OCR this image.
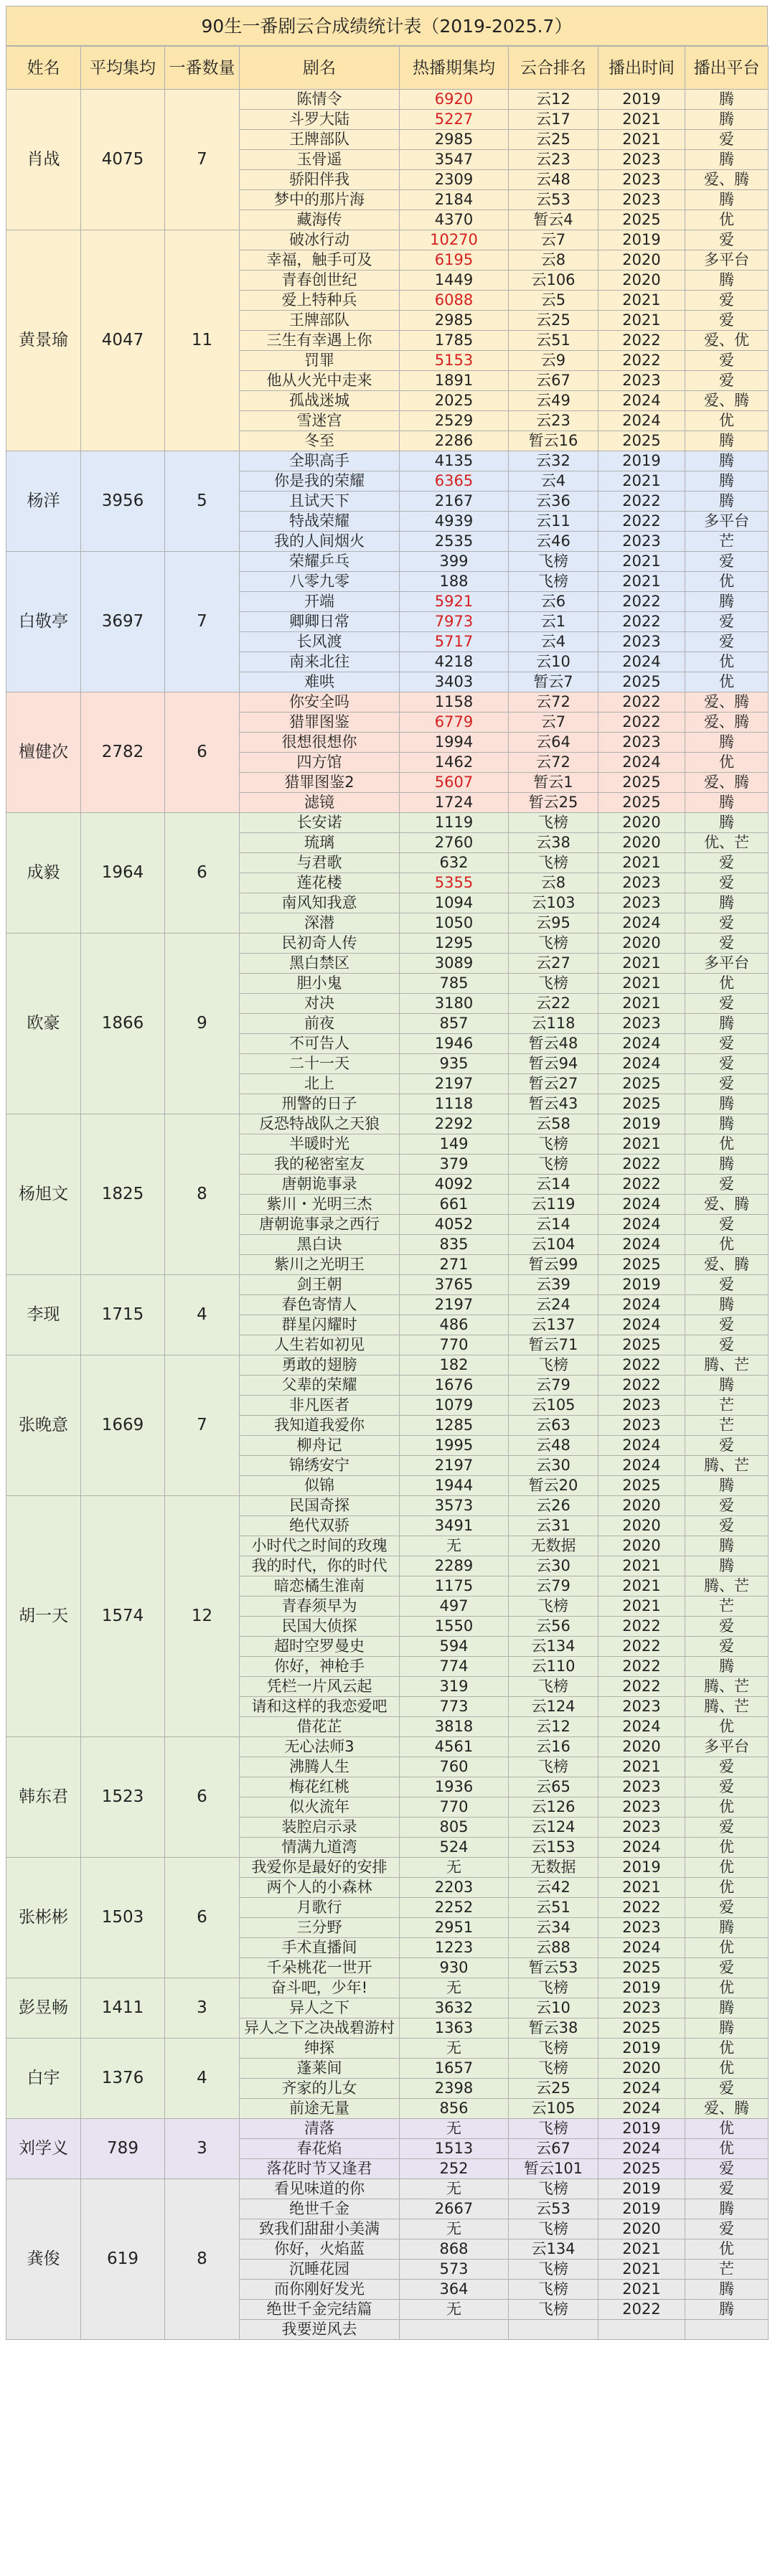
90生一番剧云合成绩统计表（2019-2025.7）
姓名	平均集均	一番数量	剧名	热播期集均	云合排名	播出时间	播出平台
肖战	4075	7	陈情令	6920	云12	2019	腾
			斗罗大陆	5227	云17	2021	腾
			王牌部队	2985	云25	2021	爱
			玉骨遥	3547	云23	2023	腾
			骄阳伴我	2309	云48	2023	爱、腾
			梦中的那片海	2184	云53	2023	腾
			藏海传	4370	暂云4	2025	优
黄景瑜	4047	11	破冰行动	10270	云7	2019	爱
			幸福，触手可及	6195	云8	2020	多平台
			青春创世纪	1449	云106	2020	腾
			爱上特种兵	6088	云5	2021	爱
			王牌部队	2985	云25	2021	爱
			三生有幸遇上你	1785	云51	2022	爱、优
			罚罪	5153	云9	2022	爱
			他从火光中走来	1891	云67	2023	爱
			孤战迷城	2025	云49	2024	爱、腾
			雪迷宫	2529	云23	2024	优
			冬至	2286	暂云16	2025	腾
杨洋	3956	5	全职高手	4135	云32	2019	腾
			你是我的荣耀	6365	云4	2021	腾
			且试天下	2167	云36	2022	腾
			特战荣耀	4939	云11	2022	多平台
			我的人间烟火	2535	云46	2023	芒
白敬亭	3697	7	荣耀乒乓	399	飞榜	2021	爱
			八零九零	188	飞榜	2021	优
			开端	5921	云6	2022	腾
			卿卿日常	7973	云1	2022	爱
			长风渡	5717	云4	2023	爱
			南来北往	4218	云10	2024	优
			难哄	3403	暂云7	2025	优
檀健次	2782	6	你安全吗	1158	云72	2022	爱、腾
			猎罪图鉴	6779	云7	2022	爱、腾
			很想很想你	1994	云64	2023	腾
			四方馆	1462	云72	2024	优
			猎罪图鉴2	5607	暂云1	2025	爱、腾
			滤镜	1724	暂云25	2025	腾
成毅	1964	6	长安诺	1119	飞榜	2020	腾
			琉璃	2760	云38	2020	优、芒
			与君歌	632	飞榜	2021	爱
			莲花楼	5355	云8	2023	爱
			南风知我意	1094	云103	2023	腾
			深潜	1050	云95	2024	爱
欧豪	1866	9	民初奇人传	1295	飞榜	2020	爱
			黑白禁区	3089	云27	2021	多平台
			胆小鬼	785	飞榜	2021	优
			对决	3180	云22	2021	爱
			前夜	857	云118	2023	腾
			不可告人	1946	暂云48	2024	爱
			二十一天	935	暂云94	2024	爱
			北上	2197	暂云27	2025	爱
			刑警的日子	1118	暂云43	2025	腾
杨旭文	1825	8	反恐特战队之天狼	2292	云58	2019	腾
			半暖时光	149	飞榜	2021	优
			我的秘密室友	379	飞榜	2022	腾
			唐朝诡事录	4092	云14	2022	爱
			紫川・光明三杰	661	云119	2024	爱、腾
			唐朝诡事录之西行	4052	云14	2024	爱
			黑白诀	835	云104	2024	优
			紫川之光明王	271	暂云99	2025	爱、腾
李现	1715	4	剑王朝	3765	云39	2019	爱
			春色寄情人	2197	云24	2024	腾
			群星闪耀时	486	云137	2024	爱
			人生若如初见	770	暂云71	2025	爱
张晚意	1669	7	勇敢的翅膀	182	飞榜	2022	腾、芒
			父辈的荣耀	1676	云79	2022	腾
			非凡医者	1079	云105	2023	芒
			我知道我爱你	1285	云63	2023	芒
			柳舟记	1995	云48	2024	爱
			锦绣安宁	2197	云30	2024	腾、芒
			似锦	1944	暂云20	2025	腾
胡一天	1574	12	民国奇探	3573	云26	2020	爱
			绝代双骄	3491	云31	2020	爱
			小时代之时间的玫瑰	无	无数据	2020	腾
			我的时代，你的时代	2289	云30	2021	腾
			暗恋橘生淮南	1175	云79	2021	腾、芒
			青春须早为	497	飞榜	2021	芒
			民国大侦探	1550	云56	2022	爱
			超时空罗曼史	594	云134	2022	爱
			你好，神枪手	774	云110	2022	腾
			凭栏一片风云起	319	飞榜	2022	腾、芒
			请和这样的我恋爱吧	773	云124	2023	腾、芒
			借花芷	3818	云12	2024	优
韩东君	1523	6	无心法师3	4561	云16	2020	多平台
			沸腾人生	760	飞榜	2021	爱
			梅花红桃	1936	云65	2023	爱
			似火流年	770	云126	2023	优
			装腔启示录	805	云124	2023	爱
			情满九道湾	524	云153	2024	优
张彬彬	1503	6	我爱你是最好的安排	无	无数据	2019	优
			两个人的小森林	2203	云42	2021	优
			月歌行	2252	云51	2022	爱
			三分野	2951	云34	2023	腾
			手术直播间	1223	云88	2024	优
			千朵桃花一世开	930	暂云53	2025	爱
彭昱畅	1411	3	奋斗吧，少年!	无	飞榜	2019	优
			异人之下	3632	云10	2023	腾
			异人之下之决战碧游村	1363	暂云38	2025	腾
白宇	1376	4	绅探	无	飞榜	2019	优
			蓬莱间	1657	飞榜	2020	优
			齐家的儿女	2398	云25	2024	爱
			前途无量	856	云105	2024	爱、腾
刘学义	789	3	清落	无	飞榜	2019	优
			春花焰	1513	云67	2024	优
			落花时节又逢君	252	暂云101	2025	爱
龚俊	619	8	看见味道的你	无	飞榜	2019	爱
			绝世千金	2667	云53	2019	腾
			致我们甜甜小美满	无	飞榜	2020	爱
			你好，火焰蓝	868	云134	2021	优
			沉睡花园	573	飞榜	2021	芒
			而你刚好发光	364	飞榜	2021	腾
			绝世千金完结篇	无	飞榜	2022	腾
			我要逆风去				
